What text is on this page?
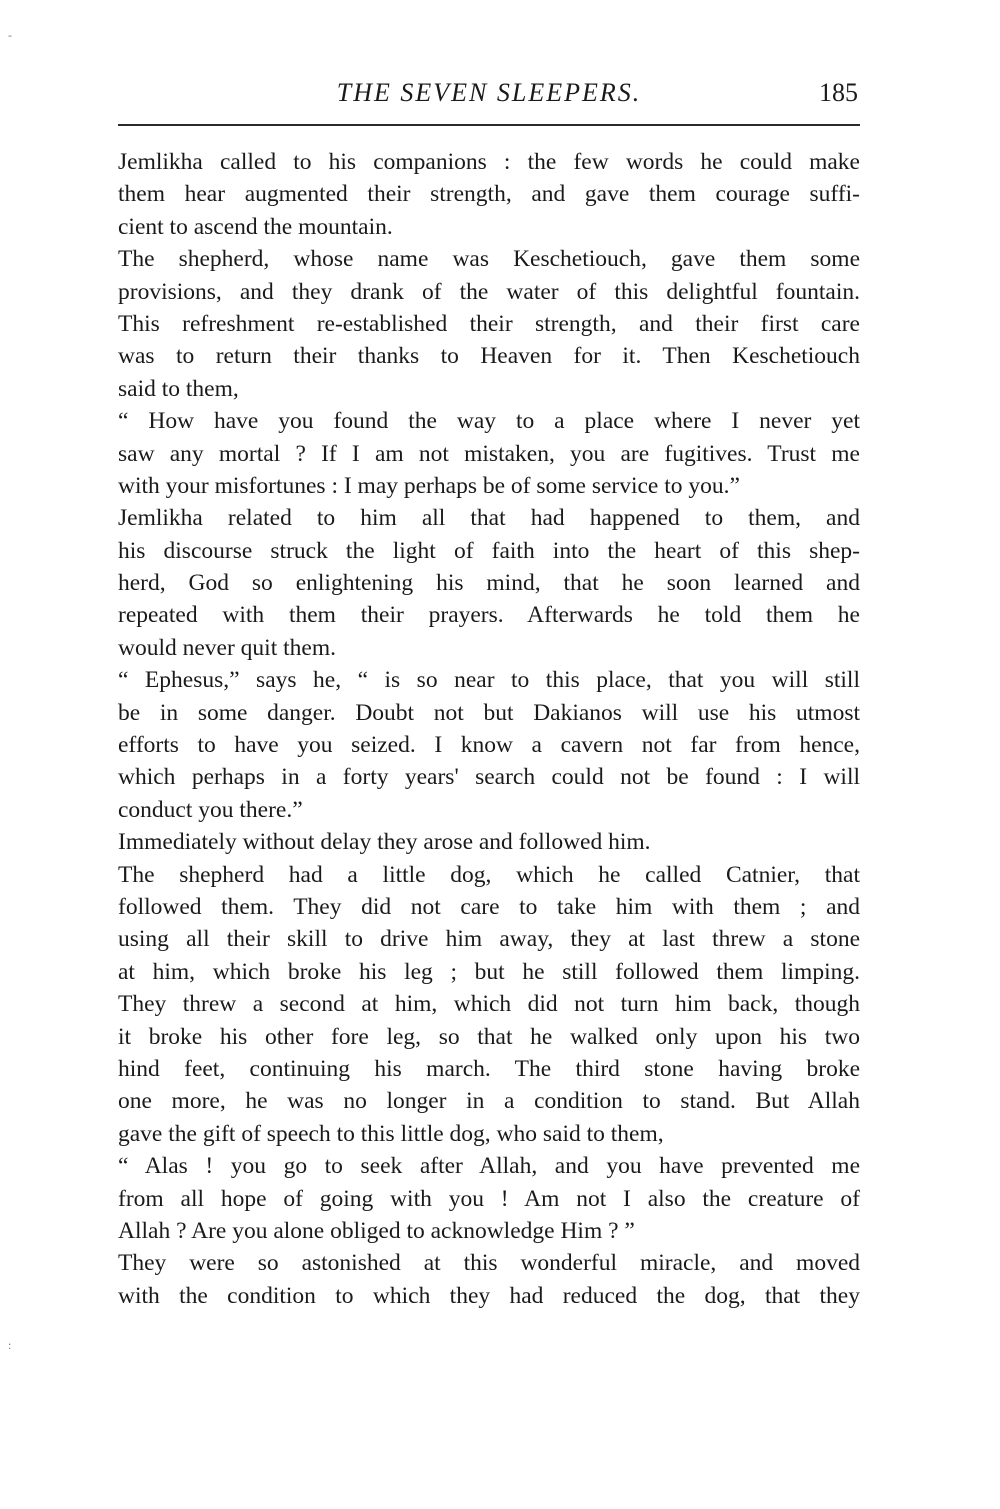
THE SEVEN SLEEPERS.	185
Jemlikha called to his companions : the few words he could make
them hear augmented their strength, and gave them courage suffi-
cient to ascend the mountain.
The shepherd, whose name was Keschetiouch, gave them some
provisions, and they drank of the water of this delightful fountain.
This refreshment re-established their strength, and their first care
was to return their thanks to Heaven for it. Then Keschetiouch
said to them,
“ How have you found the way to a place where I never yet
saw any mortal ? If I am not mistaken, you are fugitives. Trust me
with your misfortunes : I may perhaps be of some service to you.”
Jemlikha related to him all that had happened to them, and
his discourse struck the light of faith into the heart of this shep-
herd, God so enlightening his mind, that he soon learned and
repeated with them their prayers. Afterwards he told them he
would never quit them.
“ Ephesus,” says he, “ is so near to this place, that you will still
be in some danger. Doubt not but Dakianos will use his utmost
efforts to have you seized. I know a cavern not far from hence,
which perhaps in a forty years' search could not be found : I will
conduct you there.”
Immediately without delay they arose and followed him.
The shepherd had a little dog, which he called Catnier, that
followed them. They did not care to take him with them ; and
using all their skill to drive him away, they at last threw a stone
at him, which broke his leg ; but he still followed them limping.
They threw a second at him, which did not turn him back, though
it broke his other fore leg, so that he walked only upon his two
hind feet, continuing his march. The third stone having broke
one more, he was no longer in a condition to stand. But Allah
gave the gift of speech to this little dog, who said to them,
“ Alas ! you go to seek after Allah, and you have prevented me
from all hope of going with you ! Am not I also the creature of
Allah ? Are you alone obliged to acknowledge Him ? ”
They were so astonished at this wonderful miracle, and moved
with the condition to which they had reduced the dog, that they
-
:
